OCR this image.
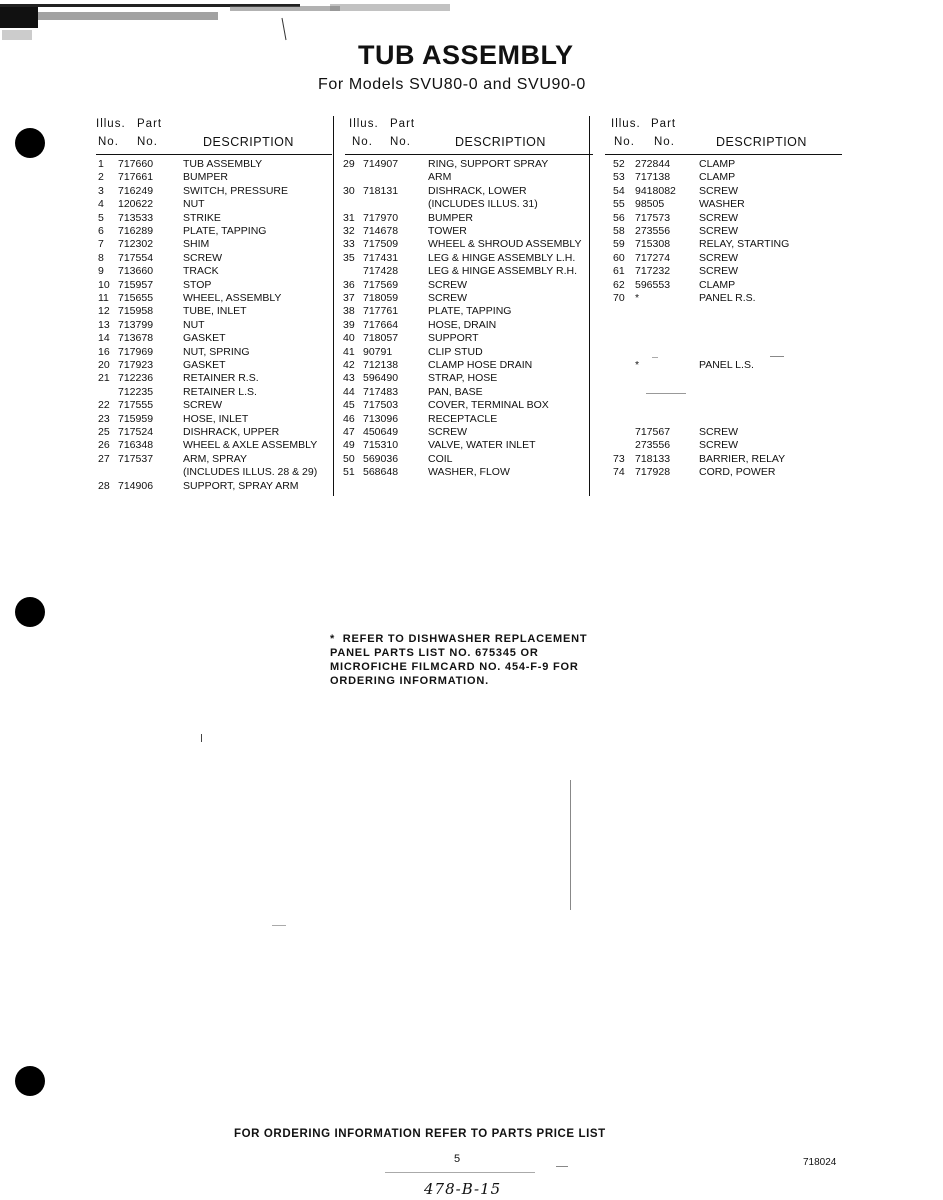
TUB ASSEMBLY
For Models SVU80-0 and SVU90-0
Illus. Part
No. No.	DESCRIPTION
1 717660	TUB ASSEMBLY
2 717661	BUMPER
3 716249	SWITCH, PRESSURE
4 120622	NUT
5 713533	STRIKE
6 716289	PLATE, TAPPING
7 712302	SHIM
8 717554	SCREW
9 713660	TRACK
10 715957	STOP
11 715655	WHEEL, ASSEMBLY
12 715958	TUBE, INLET
13 713799	NUT
14 713678	GASKET
16 717969	NUT, SPRING
20 717923	GASKET
21 712236	RETAINER R.S.
712235	RETAINER L.S.
22 717555	SCREW
23 715959	HOSE, INLET
25 717524	DISHRACK, UPPER
26 716348	WHEEL & AXLE ASSEMBLY
27 717537	ARM, SPRAY
(INCLUDES ILLUS. 28 & 29)
28 714906	SUPPORT, SPRAY ARM
Illus. Part
No. No.	DESCRIPTION
29 714907	RING, SUPPORT SPRAY
ARM
30 718131	DISHRACK, LOWER
(INCLUDES ILLUS. 31)
31 717970	BUMPER
32 714678	TOWER
33 717509	WHEEL & SHROUD ASSEMBLY
35 717431	LEG & HINGE ASSEMBLY L.H.
717428	LEG & HINGE ASSEMBLY R.H.
36 717569	SCREW
37 718059	SCREW
38 717761	PLATE, TAPPING
39 717664	HOSE, DRAIN
40 718057	SUPPORT
41 90791	CLIP STUD
42 712138	CLAMP HOSE DRAIN
43 596490	STRAP, HOSE
44 717483	PAN, BASE
45 717503	COVER, TERMINAL BOX
46 713096	RECEPTACLE
47 450649	SCREW
49 715310	VALVE, WATER INLET
50 569036	COIL
51 568648	WASHER, FLOW
Illus. Part
No. No.	DESCRIPTION
52 272844	CLAMP
53 717138	CLAMP
54 9418082 SCREW
55 98505	WASHER
56 717573	SCREW
58 273556	SCREW
59 715308	RELAY, STARTING
60 717274	SCREW
61 717232	SCREW
62 596553	CLAMP
70 *	PANEL R.S.
*	PANEL L.S.
717567	SCREW
273556	SCREW
73 718133	BARRIER, RELAY
74 717928	CORD, POWER
*  REFER TO DISHWASHER REPLACEMENT
PANEL PARTS LIST NO. 675345 OR
MICROFICHE FILMCARD NO. 454-F-9 FOR
ORDERING INFORMATION.
FOR ORDERING INFORMATION REFER TO PARTS PRICE LIST
5	718024
478-B-15
